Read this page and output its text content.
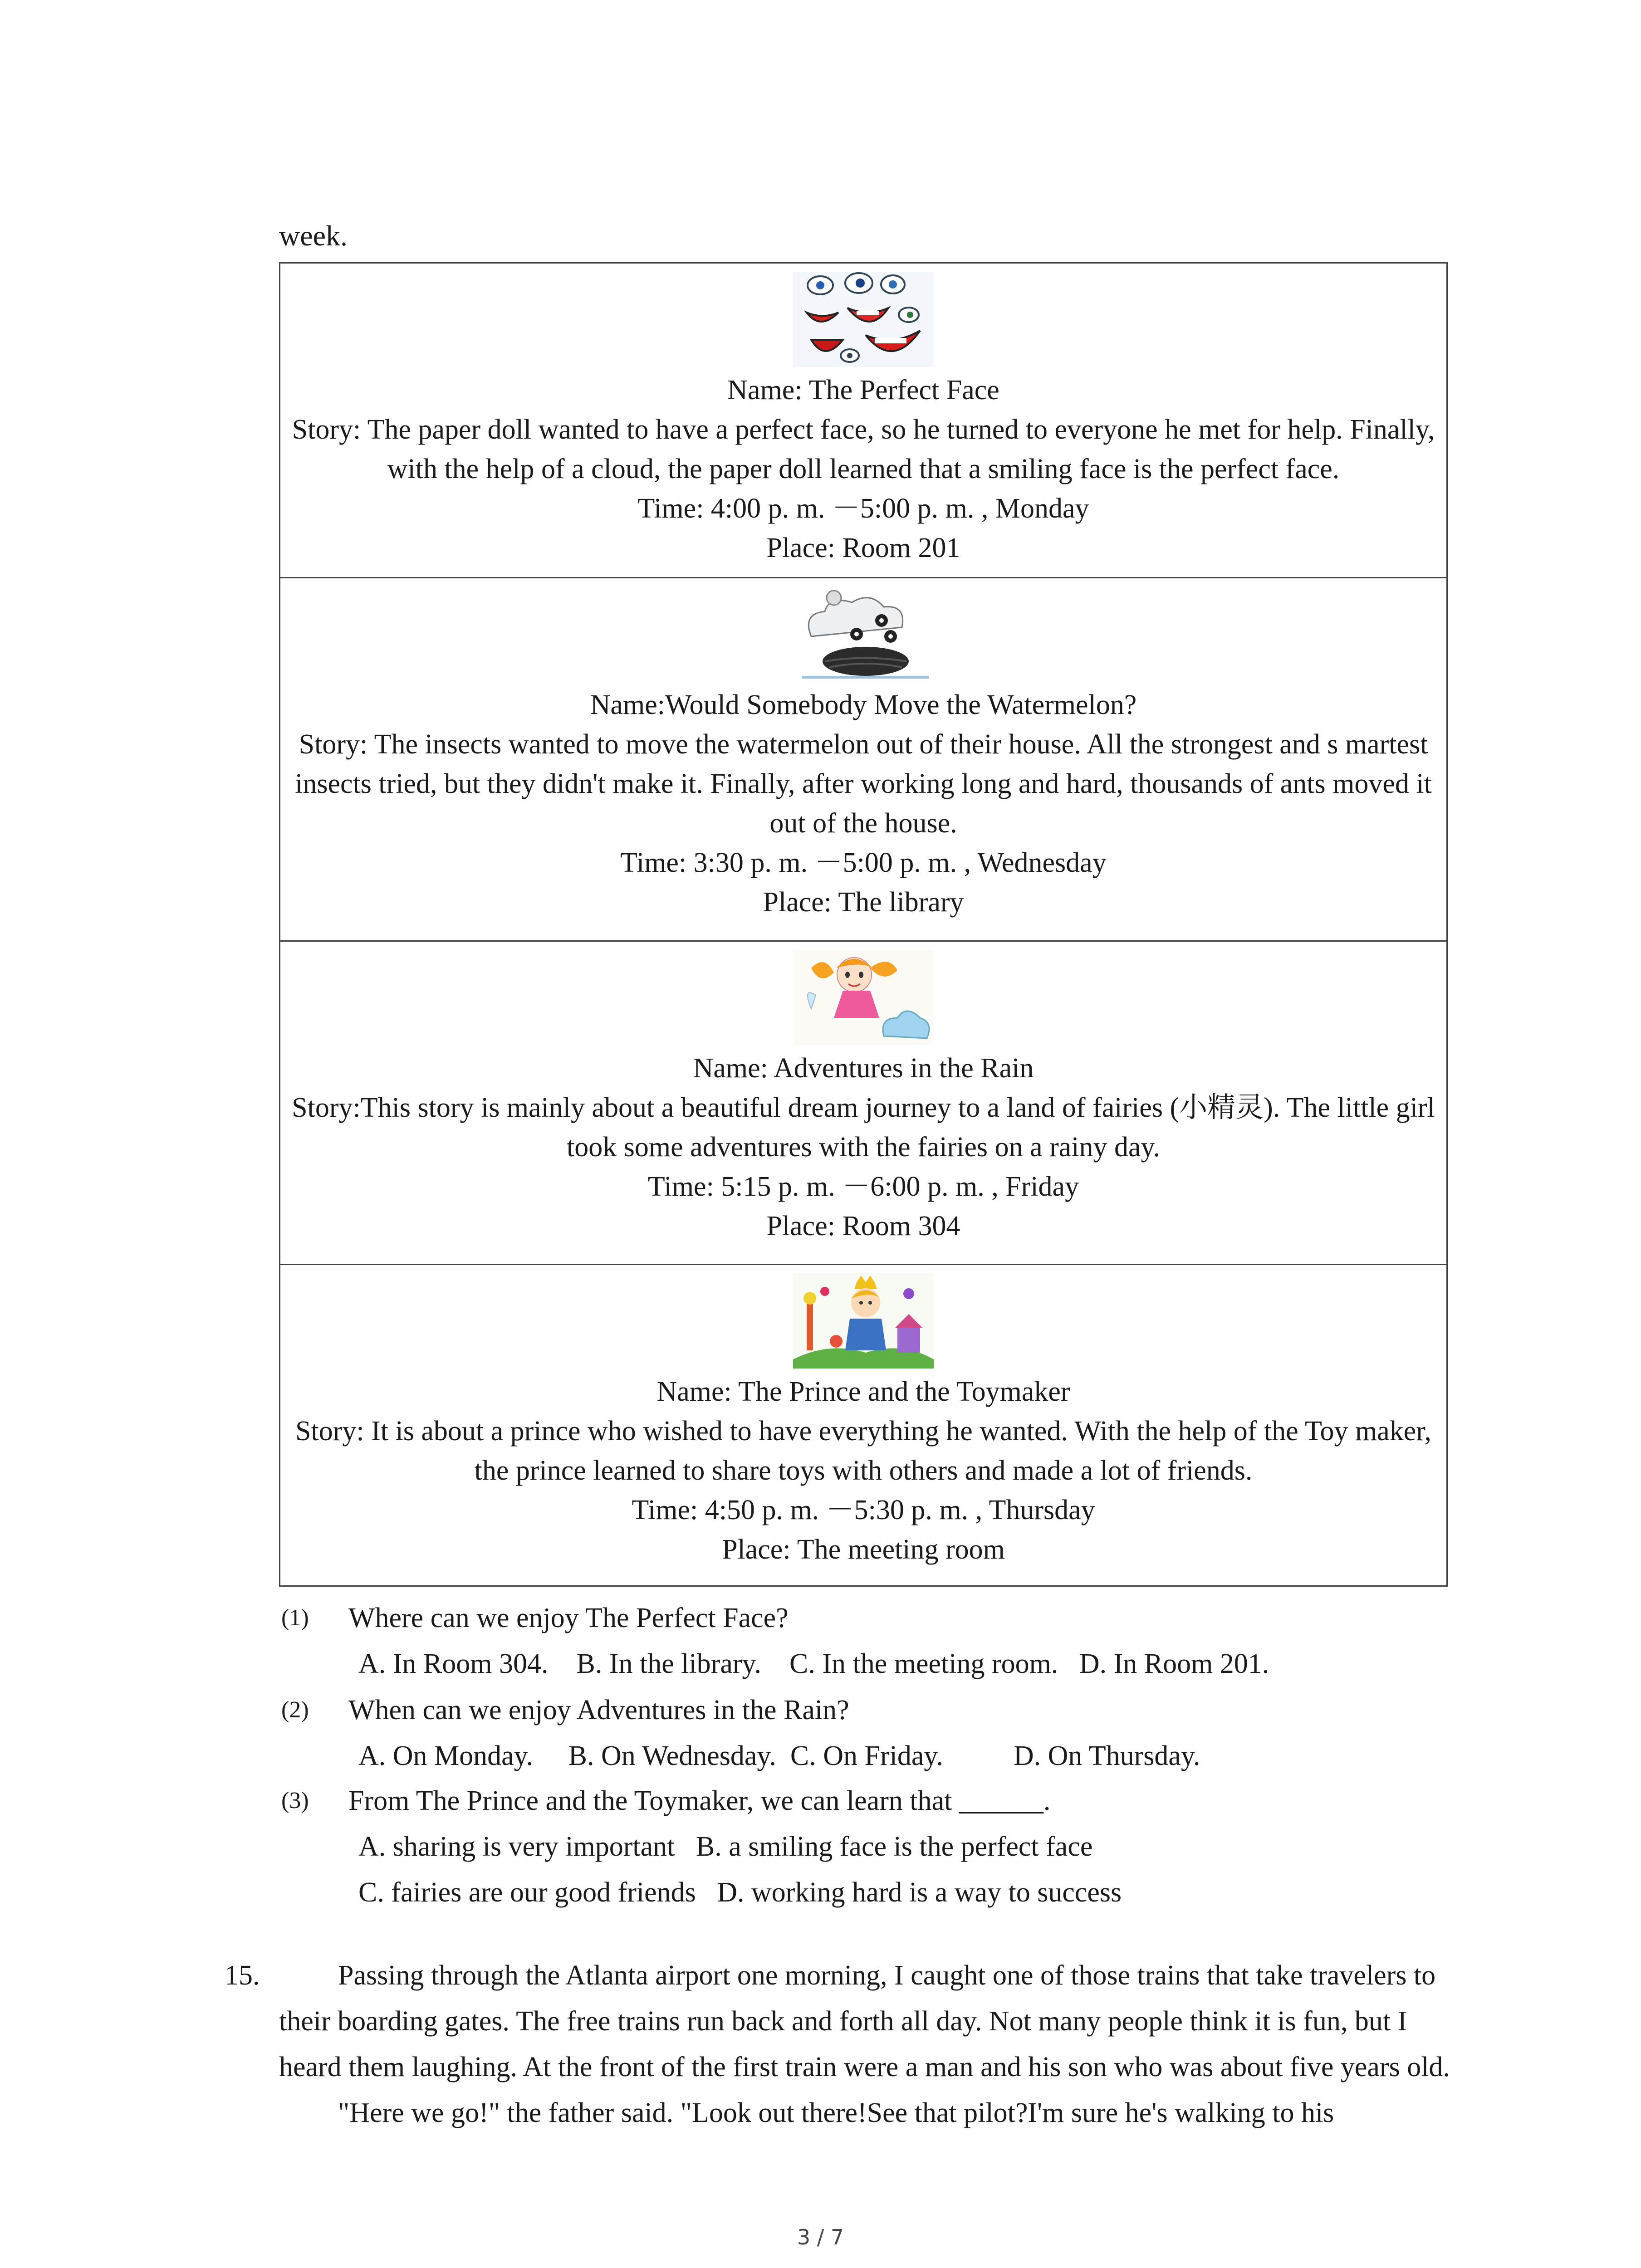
week.
Name: The Perfect Face
Story: The paper doll wanted to have a perfect face, so he turned to everyone he met for help. Finally, with the help of a cloud, the paper doll learned that a smiling face is the perfect face.
Time: 4:00 p. m. －5:00 p. m. , Monday
Place: Room 201

Name:Would Somebody Move the Watermelon?
Story: The insects wanted to move the watermelon out of their house. All the strongest and s martest insects tried, but they didn't make it. Finally, after working long and hard, thousands of ants moved it out of the house.
Time: 3:30 p. m. －5:00 p. m. , Wednesday
Place: The library

Name: Adventures in the Rain
Story:This story is mainly about a beautiful dream journey to a land of fairies (小精灵). The little girl took some adventures with the fairies on a rainy day.
Time: 5:15 p. m. －6:00 p. m. , Friday
Place: Room 304

Name: The Prince and the Toymaker
Story: It is about a prince who wished to have everything he wanted. With the help of the Toy maker, the prince learned to share toys with others and made a lot of friends.
Time: 4:50 p. m. －5:30 p. m. , Thursday
Place: The meeting room
(1) Where can we enjoy The Perfect Face?
A. In Room 304.    B. In the library.    C. In the meeting room.   D. In Room 201.
(2) When can we enjoy Adventures in the Rain?
A. On Monday.     B. On Wednesday.  C. On Friday.          D. On Thursday.
(3) From The Prince and the Toymaker, we can learn that ______.
A. sharing is very important   B. a smiling face is the perfect face
C. fairies are our good friends   D. working hard is a way to success
15.	Passing through the Atlanta airport one morning, I caught one of those trains that take travelers to their boarding gates. The free trains run back and forth all day. Not many people think it is fun, but I heard them laughing. At the front of the first train were a man and his son who was about five years old.

"Here we go!" the father said. "Look out there!See that pilot?I'm sure he's walking to his

3 / 7
